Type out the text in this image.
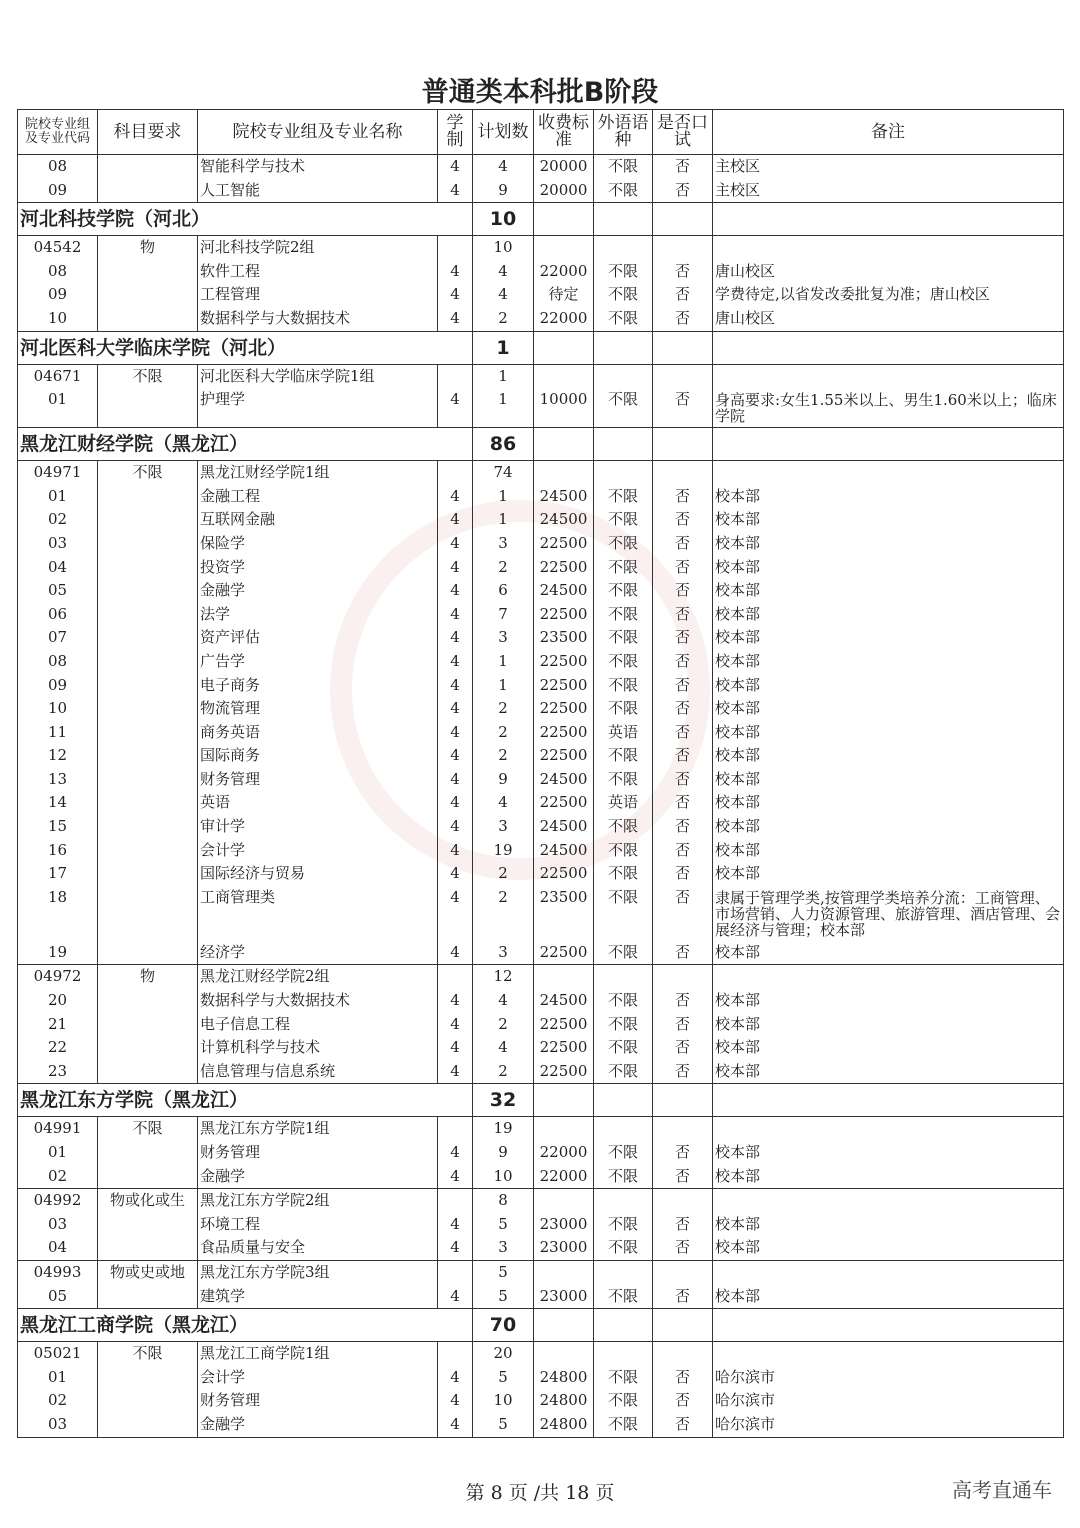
普通类本科批B阶段
院校专业组及专业代码	科目要求	院校专业组及专业名称	学制	计划数	收费标准	外语语种	是否口试	备注
08		智能科学与技术	4	4	20000	不限	否	主校区
09		人工智能	4	9	20000	不限	否	主校区
河北科技学院（河北）				10				
04542	物	河北科技学院2组		10				
08		软件工程	4	4	22000	不限	否	唐山校区
09		工程管理	4	4	待定	不限	否	学费待定,以省发改委批复为准；唐山校区
10		数据科学与大数据技术	4	2	22000	不限	否	唐山校区
河北医科大学临床学院（河北）				1				
04671	不限	河北医科大学临床学院1组		1				
01		护理学	4	1	10000	不限	否	身高要求:女生1.55米以上、男生1.60米以上；临床学院
黑龙江财经学院（黑龙江）				86				
04971	不限	黑龙江财经学院1组		74				
01		金融工程	4	1	24500	不限	否	校本部
02		互联网金融	4	1	24500	不限	否	校本部
03		保险学	4	3	22500	不限	否	校本部
04		投资学	4	2	22500	不限	否	校本部
05		金融学	4	6	24500	不限	否	校本部
06		法学	4	7	22500	不限	否	校本部
07		资产评估	4	3	23500	不限	否	校本部
08		广告学	4	1	22500	不限	否	校本部
09		电子商务	4	1	22500	不限	否	校本部
10		物流管理	4	2	22500	不限	否	校本部
11		商务英语	4	2	22500	英语	否	校本部
12		国际商务	4	2	22500	不限	否	校本部
13		财务管理	4	9	24500	不限	否	校本部
14		英语	4	4	22500	英语	否	校本部
15		审计学	4	3	24500	不限	否	校本部
16		会计学	4	19	24500	不限	否	校本部
17		国际经济与贸易	4	2	22500	不限	否	校本部
18		工商管理类	4	2	23500	不限	否	隶属于管理学类,按管理学类培养分流：工商管理、市场营销、人力资源管理、旅游管理、酒店管理、会展经济与管理；校本部
19		经济学	4	3	22500	不限	否	校本部
04972	物	黑龙江财经学院2组		12				
20		数据科学与大数据技术	4	4	24500	不限	否	校本部
21		电子信息工程	4	2	22500	不限	否	校本部
22		计算机科学与技术	4	4	22500	不限	否	校本部
23		信息管理与信息系统	4	2	22500	不限	否	校本部
黑龙江东方学院（黑龙江）				32				
04991	不限	黑龙江东方学院1组		19				
01		财务管理	4	9	22000	不限	否	校本部
02		金融学	4	10	22000	不限	否	校本部
04992	物或化或生	黑龙江东方学院2组		8				
03		环境工程	4	5	23000	不限	否	校本部
04		食品质量与安全	4	3	23000	不限	否	校本部
04993	物或史或地	黑龙江东方学院3组		5				
05		建筑学	4	5	23000	不限	否	校本部
黑龙江工商学院（黑龙江）				70				
05021	不限	黑龙江工商学院1组		20				
01		会计学	4	5	24800	不限	否	哈尔滨市
02		财务管理	4	10	24800	不限	否	哈尔滨市
03		金融学	4	5	24800	不限	否	哈尔滨市
第 8 页 /共 18 页	高考直通车
